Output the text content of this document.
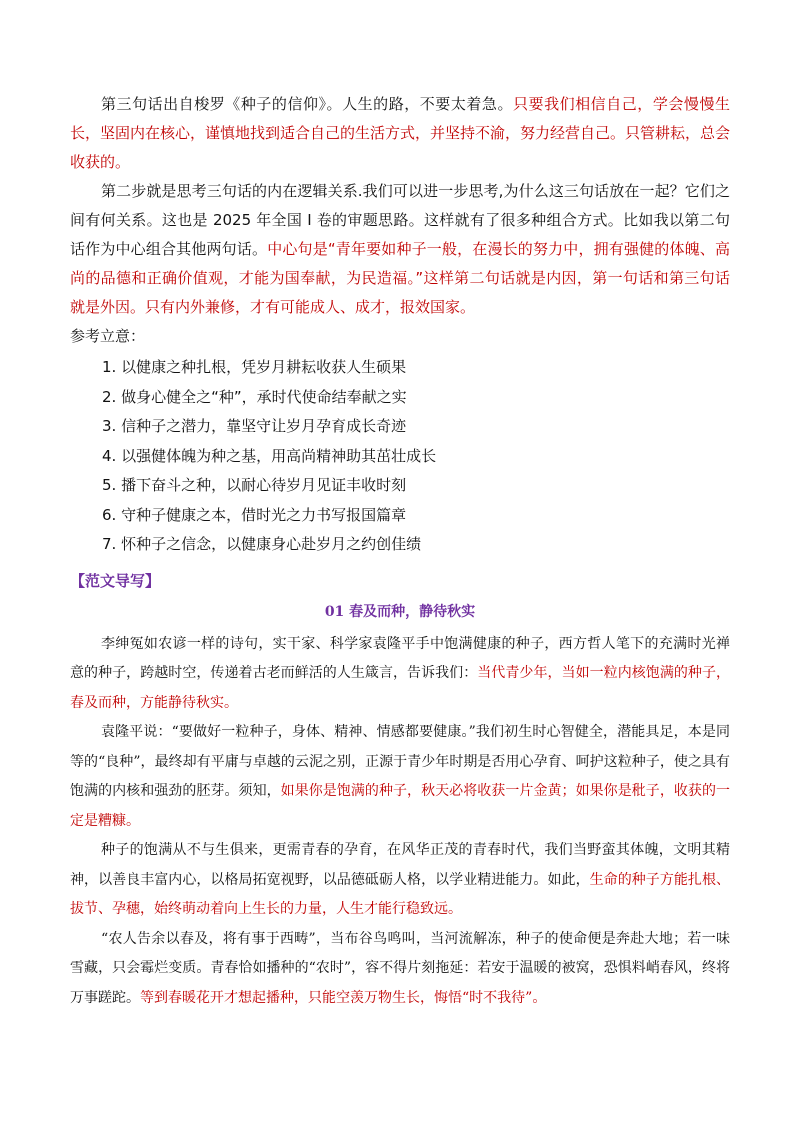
第三句话出自梭罗《种子的信仰》。人生的路，不要太着急。只要我们相信自己，学会慢慢生长，坚固内在核心，谨慎地找到适合自己的生活方式，并坚持不渝，努力经营自己。只管耕耘，总会收获的。

第二步就是思考三句话的内在逻辑关系.我们可以进一步思考,为什么这三句话放在一起？它们之间有何关系。这也是 2025 年全国 I 卷的审题思路。这样就有了很多种组合方式。比如我以第二句话作为中心组合其他两句话。中心句是“青年要如种子一般，在漫长的努力中，拥有强健的体魄、高尚的品德和正确价值观，才能为国奉献，为民造福。”这样第二句话就是内因，第一句话和第三句话就是外因。只有内外兼修，才有可能成人、成才，报效国家。

参考立意：

1. 以健康之种扎根，凭岁月耕耘收获人生硕果
2. 做身心健全之“种”，承时代使命结奉献之实
3. 信种子之潜力，靠坚守让岁月孕育成长奇迹
4. 以强健体魄为种之基，用高尚精神助其茁壮成长
5. 播下奋斗之种，以耐心待岁月见证丰收时刻
6. 守种子健康之本，借时光之力书写报国篇章
7. 怀种子之信念，以健康身心赴岁月之约创佳绩

【范文导写】

01 春及而种，静待秋实

李绅冤如农谚一样的诗句，实干家、科学家袁隆平手中饱满健康的种子，西方哲人笔下的充满时光禅意的种子，跨越时空，传递着古老而鲜活的人生箴言，告诉我们：当代青少年，当如一粒内核饱满的种子，春及而种，方能静待秋实。

袁隆平说：“要做好一粒种子，身体、精神、情感都要健康。”我们初生时心智健全，潜能具足，本是同等的“良种”，最终却有平庸与卓越的云泥之别，正源于青少年时期是否用心孕育、呵护这粒种子，使之具有饱满的内核和强劲的胚芽。须知，如果你是饱满的种子，秋天必将收获一片金黄；如果你是秕子，收获的一定是糟糠。

种子的饱满从不与生俱来，更需青春的孕育，在风华正茂的青春时代，我们当野蛮其体魄，文明其精神，以善良丰富内心，以格局拓宽视野，以品德砥砺人格，以学业精进能力。如此，生命的种子方能扎根、拔节、孕穗，始终萌动着向上生长的力量，人生才能行稳致远。

“农人告余以春及，将有事于西畴”，当布谷鸟鸣叫，当河流解冻，种子的使命便是奔赴大地；若一味雪藏，只会霉烂变质。青春恰如播种的“农时”，容不得片刻拖延：若安于温暖的被窝，恐惧料峭春风，终将万事蹉跎。等到春暖花开才想起播种，只能空羡万物生长，悔悟“时不我待”。
